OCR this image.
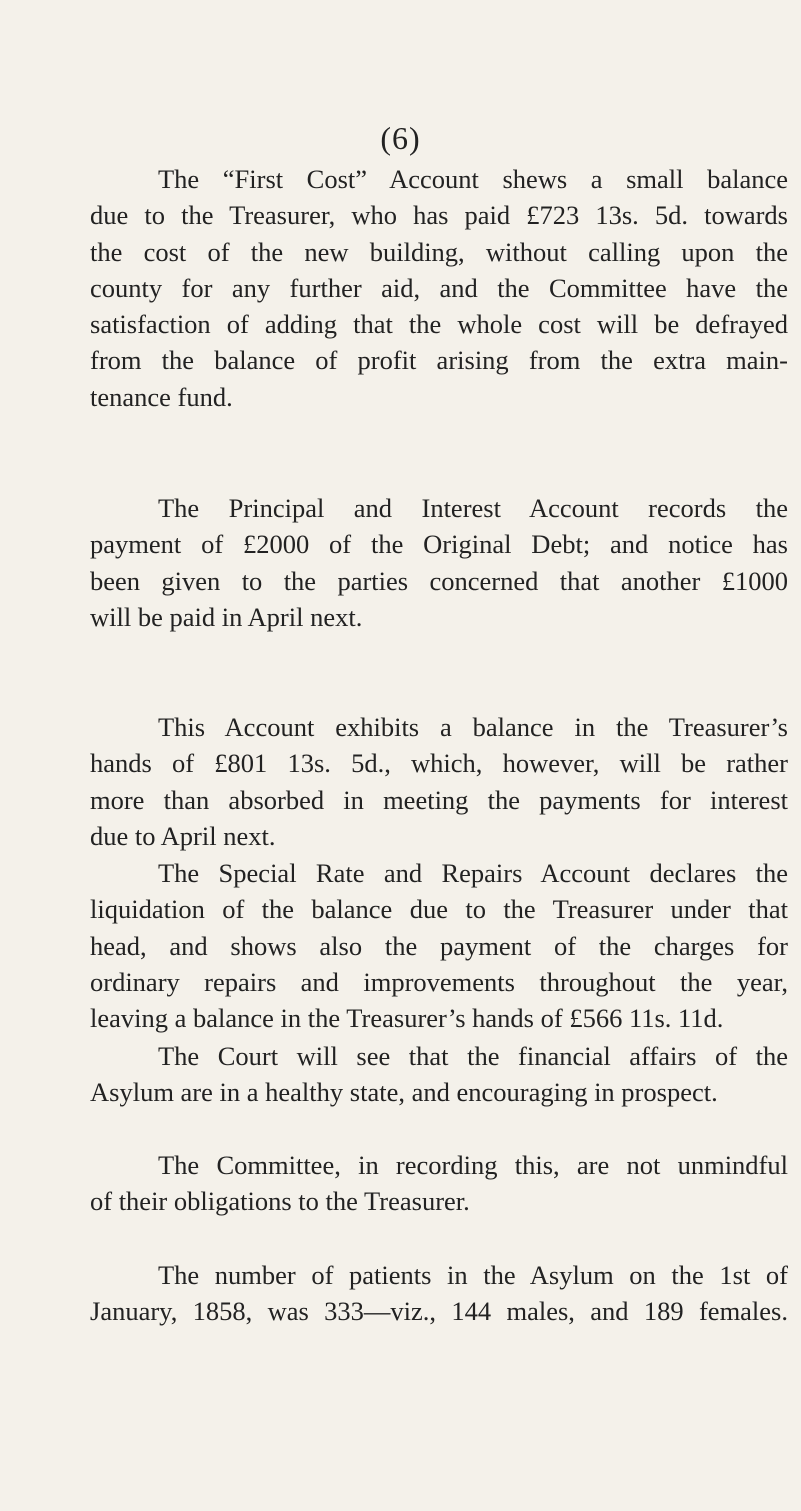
(6)
The “First Cost” Account shews a small balance
due to the Treasurer, who has paid £723 13s. 5d. towards
the cost of the new building, without calling upon the
county for any further aid, and the Committee have the
satisfaction of adding that the whole cost will be defrayed
from the balance of profit arising from the extra main-
tenance fund.
The Principal and Interest Account records the
payment of £2000 of the Original Debt; and notice has
been given to the parties concerned that another £1000
will be paid in April next.
This Account exhibits a balance in the Treasurer’s
hands of £801 13s. 5d., which, however, will be rather
more than absorbed in meeting the payments for interest
due to April next.
The Special Rate and Repairs Account declares the
liquidation of the balance due to the Treasurer under that
head, and shows also the payment of the charges for
ordinary repairs and improvements throughout the year,
leaving a balance in the Treasurer’s hands of £566 11s. 11d.
The Court will see that the financial affairs of the
Asylum are in a healthy state, and encouraging in prospect.
The Committee, in recording this, are not unmindful
of their obligations to the Treasurer.
The number of patients in the Asylum on the 1st of
January, 1858, was 333—viz., 144 males, and 189 females.
